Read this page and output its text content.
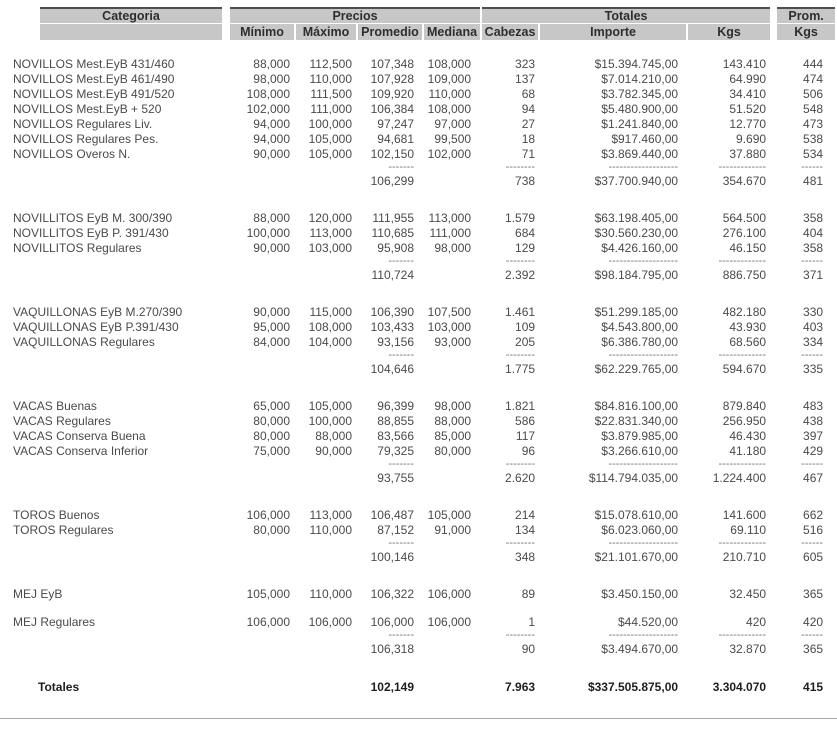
Categoria	Precios				Totales			Prom.

	Mínimo	Máximo	Promedio	Mediana	Cabezas	Importe	Kgs	Kgs

NOVILLOS Mest.EyB 431/460	88,000	112,500	107,348	108,000	323	$15.394.745,00	143.410	444
NOVILLOS Mest.EyB 461/490	98,000	110,000	107,928	109,000	137	$7.014.210,00	64.990	474
NOVILLOS Mest.EyB 491/520	108,000	111,500	109,920	110,000	68	$3.782.345,00	34.410	506
NOVILLOS Mest.EyB + 520	102,000	111,000	106,384	108,000	94	$5.480.900,00	51.520	548
NOVILLOS Regulares Liv.	94,000	100,000	97,247	97,000	27	$1.241.840,00	12.770	473
NOVILLOS Regulares Pes.	94,000	105,000	94,681	99,500	18	$917.460,00	9.690	538
NOVILLOS Overos N.	90,000	105,000	102,150	102,000	71	$3.869.440,00	37.880	534
			-------		--------	-------------------	-------------	------
			106,299		738	$37.700.940,00	354.670	481

NOVILLITOS EyB M. 300/390	88,000	120,000	111,955	113,000	1.579	$63.198.405,00	564.500	358
NOVILLITOS EyB P. 391/430	100,000	113,000	110,685	111,000	684	$30.560.230,00	276.100	404
NOVILLITOS Regulares	90,000	103,000	95,908	98,000	129	$4.426.160,00	46.150	358
			-------		--------	-------------------	-------------	------
			110,724		2.392	$98.184.795,00	886.750	371

VAQUILLONAS EyB M.270/390	90,000	115,000	106,390	107,500	1.461	$51.299.185,00	482.180	330
VAQUILLONAS EyB P.391/430	95,000	108,000	103,433	103,000	109	$4.543.800,00	43.930	403
VAQUILLONAS Regulares	84,000	104,000	93,156	93,000	205	$6.386.780,00	68.560	334
			-------		--------	-------------------	-------------	------
			104,646		1.775	$62.229.765,00	594.670	335

VACAS Buenas	65,000	105,000	96,399	98,000	1.821	$84.816.100,00	879.840	483
VACAS Regulares	80,000	100,000	88,855	88,000	586	$22.831.340,00	256.950	438
VACAS Conserva Buena	80,000	88,000	83,566	85,000	117	$3.879.985,00	46.430	397
VACAS Conserva Inferior	75,000	90,000	79,325	80,000	96	$3.266.610,00	41.180	429
			-------		--------	-------------------	-------------	------
			93,755		2.620	$114.794.035,00	1.224.400	467

TOROS Buenos	106,000	113,000	106,487	105,000	214	$15.078.610,00	141.600	662
TOROS Regulares	80,000	110,000	87,152	91,000	134	$6.023.060,00	69.110	516
			-------		--------	-------------------	-------------	------
			100,146		348	$21.101.670,00	210.710	605

MEJ EyB	105,000	110,000	106,322	106,000	89	$3.450.150,00	32.450	365

MEJ Regulares	106,000	106,000	106,000	106,000	1	$44.520,00	420	420
			-------		--------	-------------------	-------------	------
			106,318		90	$3.494.670,00	32.870	365

Totales			102,149		7.963	$337.505.875,00	3.304.070	415
